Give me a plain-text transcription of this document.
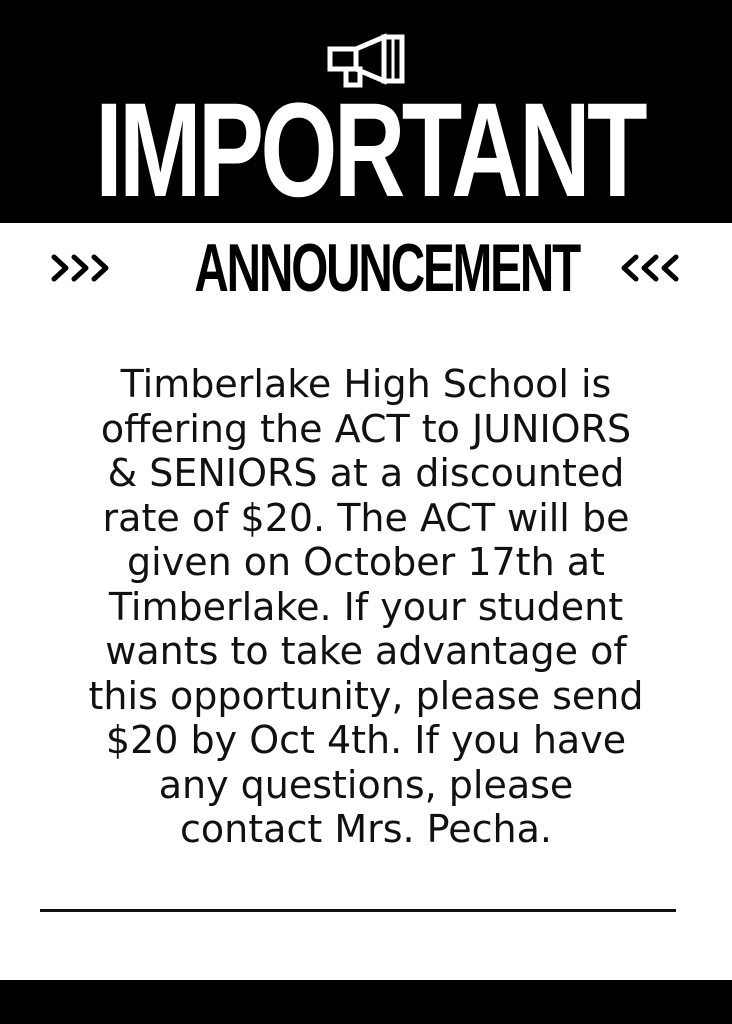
IMPORTANT
ANNOUNCEMENT

Timberlake High School is
offering the ACT to JUNIORS
& SENIORS at a discounted
rate of $20. The ACT will be
given on October 17th at
Timberlake. If your student
wants to take advantage of
this opportunity, please send
$20 by Oct 4th. If you have
any questions, please
contact Mrs. Pecha.
